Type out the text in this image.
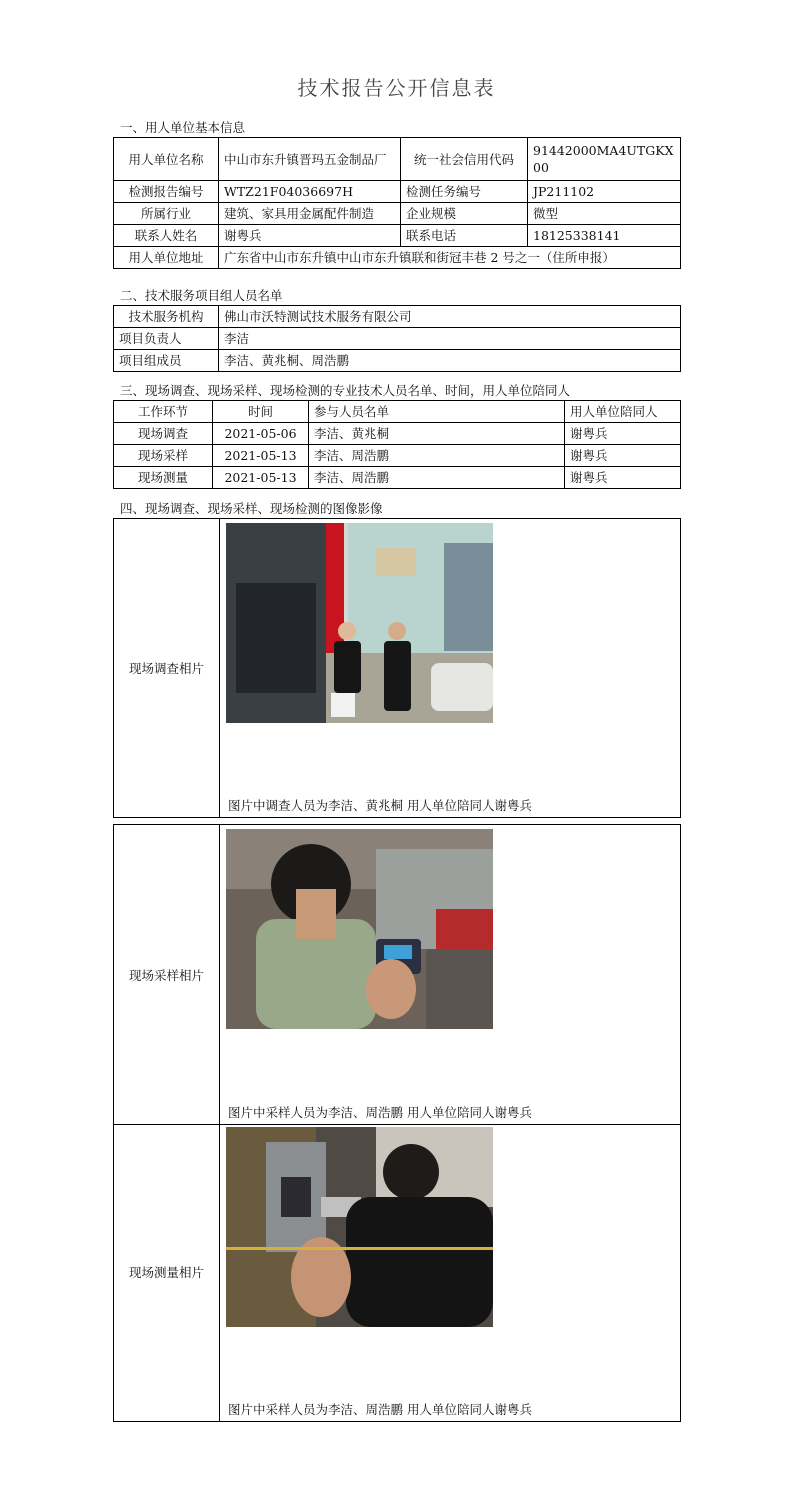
技术报告公开信息表
一、用人单位基本信息
用人单位名称	中山市东升镇晋玛五金制品厂	统一社会信用代码	91442000MA4UTGKX00
检测报告编号	WTZ21F04036697H	检测任务编号	JP211102
所属行业	建筑、家具用金属配件制造	企业规模	微型
联系人姓名	谢粤兵	联系电话	18125338141
用人单位地址	广东省中山市东升镇中山市东升镇联和街冠丰巷 2 号之一（住所申报）		
二、技术服务项目组人员名单
技术服务机构	佛山市沃特测试技术服务有限公司
项目负责人	李洁
项目组成员	李洁、黄兆桐、周浩鹏
三、现场调查、现场采样、现场检测的专业技术人员名单、时间，用人单位陪同人
工作环节	时间	参与人员名单	用人单位陪同人
现场调查	2021-05-06	李洁、黄兆桐	谢粤兵
现场采样	2021-05-13	李洁、周浩鹏	谢粤兵
现场测量	2021-05-13	李洁、周浩鹏	谢粤兵
四、现场调查、现场采样、现场检测的图像影像
现场调查相片
图片中调查人员为李洁、黄兆桐 用人单位陪同人谢粤兵
现场采样相片
图片中采样人员为李洁、周浩鹏 用人单位陪同人谢粤兵
现场测量相片
图片中采样人员为李洁、周浩鹏 用人单位陪同人谢粤兵
